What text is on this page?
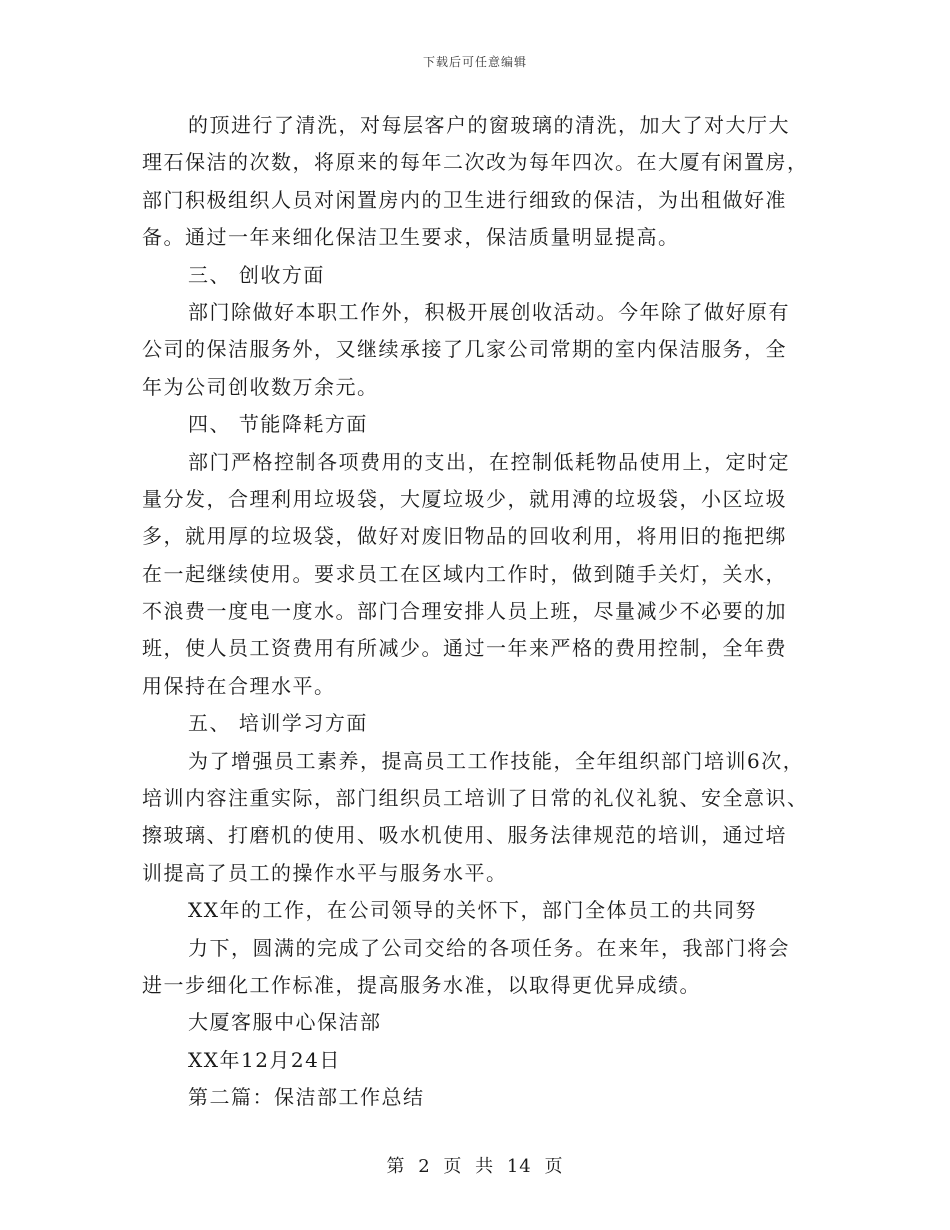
下载后可任意编辑
的顶进行了清洗，对每层客户的窗玻璃的清洗，加大了对大厅大
理石保洁的次数，将原来的每年二次改为每年四次。在大厦有闲置房，
部门积极组织人员对闲置房内的卫生进行细致的保洁，为出租做好准
备。通过一年来细化保洁卫生要求，保洁质量明显提高。
三、 创收方面
部门除做好本职工作外，积极开展创收活动。今年除了做好原有
公司的保洁服务外，又继续承接了几家公司常期的室内保洁服务，全
年为公司创收数万余元。
四、 节能降耗方面
部门严格控制各项费用的支出，在控制低耗物品使用上，定时定
量分发，合理利用垃圾袋，大厦垃圾少，就用溥的垃圾袋，小区垃圾
多，就用厚的垃圾袋，做好对废旧物品的回收利用，将用旧的拖把绑
在一起继续使用。要求员工在区域内工作时，做到随手关灯，关水，
不浪费一度电一度水。部门合理安排人员上班，尽量减少不必要的加
班，使人员工资费用有所减少。通过一年来严格的费用控制，全年费
用保持在合理水平。
五、 培训学习方面
为了增强员工素养，提高员工工作技能，全年组织部门培训6次，
培训内容注重实际，部门组织员工培训了日常的礼仪礼貌、安全意识、
擦玻璃、打磨机的使用、吸水机使用、服务法律规范的培训，通过培
训提高了员工的操作水平与服务水平。
XX年的工作，在公司领导的关怀下，部门全体员工的共同努
力下，圆满的完成了公司交给的各项任务。在来年，我部门将会
进一步细化工作标准，提高服务水准，以取得更优异成绩。
大厦客服中心保洁部
XX年12月24日
第二篇：保洁部工作总结
第 2 页 共 14 页
